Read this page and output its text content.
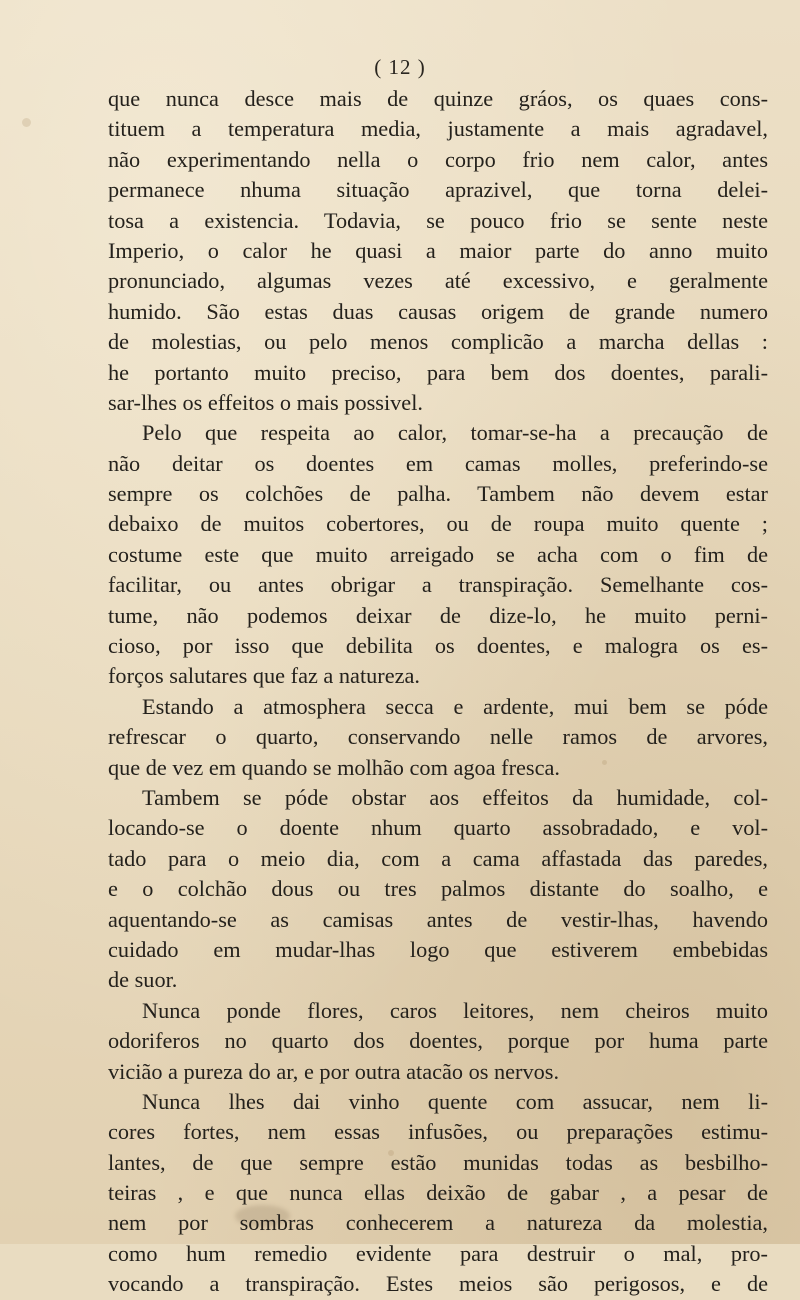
( 12 )
que nunca desce mais de quinze gráos, os quaes cons-
tituem a temperatura media, justamente a mais agradavel,
não experimentando nella o corpo frio nem calor, antes
permanece nhuma situação aprazivel, que torna delei-
tosa a existencia. Todavia, se pouco frio se sente neste
Imperio, o calor he quasi a maior parte do anno muito
pronunciado, algumas vezes até excessivo, e geralmente
humido. São estas duas causas origem de grande numero
de molestias, ou pelo menos complicão a marcha dellas :
he portanto muito preciso, para bem dos doentes, parali-
sar-lhes os effeitos o mais possivel.
Pelo que respeita ao calor, tomar-se-ha a precaução de
não deitar os doentes em camas molles, preferindo-se
sempre os colchões de palha. Tambem não devem estar
debaixo de muitos cobertores, ou de roupa muito quente ;
costume este que muito arreigado se acha com o fim de
facilitar, ou antes obrigar a transpiração. Semelhante cos-
tume, não podemos deixar de dize-lo, he muito perni-
cioso, por isso que debilita os doentes, e malogra os es-
forços salutares que faz a natureza.
Estando a atmosphera secca e ardente, mui bem se póde
refrescar o quarto, conservando nelle ramos de arvores,
que de vez em quando se molhão com agoa fresca.
Tambem se póde obstar aos effeitos da humidade, col-
locando-se o doente nhum quarto assobradado, e vol-
tado para o meio dia, com a cama affastada das paredes,
e o colchão dous ou tres palmos distante do soalho, e
aquentando-se as camisas antes de vestir-lhas, havendo
cuidado em mudar-lhas logo que estiverem embebidas
de suor.
Nunca ponde flores, caros leitores, nem cheiros muito
odoriferos no quarto dos doentes, porque por huma parte
vicião a pureza do ar, e por outra atacão os nervos.
Nunca lhes dai vinho quente com assucar, nem li-
cores fortes, nem essas infusões, ou preparações estimu-
lantes, de que sempre estão munidas todas as besbilho-
teiras , e que nunca ellas deixão de gabar , a pesar de
nem por sombras conhecerem a natureza da molestia,
como hum remedio evidente para destruir o mal, pro-
vocando a transpiração. Estes meios são perigosos, e de
